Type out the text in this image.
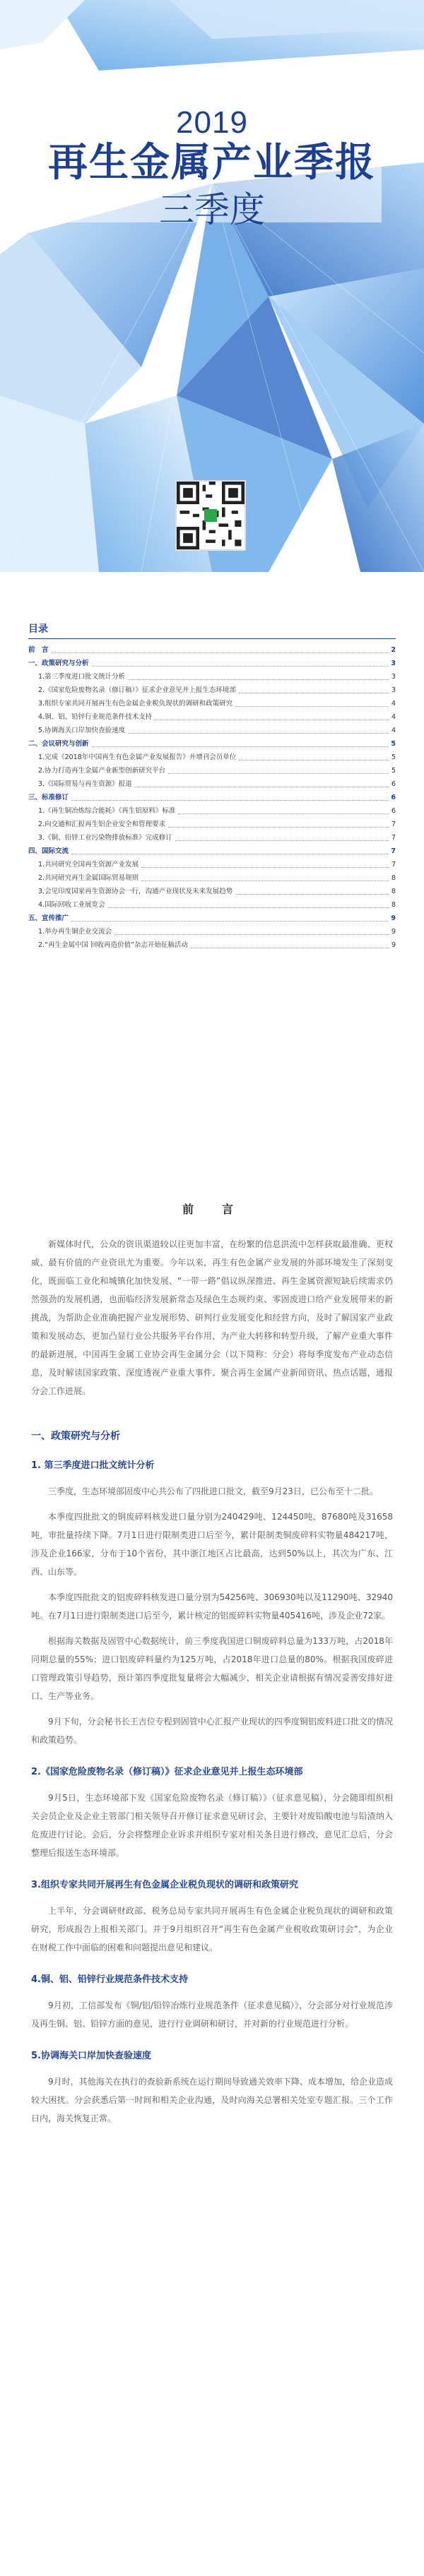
2019
再生金属产业季报
三季度
目录
前　言	2
一、政策研究与分析	3
1.第三季度进口批文统计分析	3
2.《国家危险废物名录（修订稿）》征求企业意见并上报生态环境部	3
3.组织专家共同开展再生有色金属企业税负现状的调研和政策研究	4
4.铜、铝、铅锌行业规范条件技术支持	4
5.协调海关口岸加快查验速度	4
二、会议研究与创新	5
1.完成《2018年中国再生有色金属产业发展报告》并增刊会员单位	5
2.协力打造再生金属产业新型创新研究平台	5
3.《国际贸易与再生资源》报道	6
三、标准修订	6
1.《再生铜冶炼综合能耗》《再生铝原料》标准	6
2.向交通和汇报再生铝企业安全和管理要求	7
3.《铜、铅锌工业污染物排放标准》完成修订	7
四、国际交流	7
1.共同研究全国再生资源产业发展	7
2.共同研究再生金属国际贸易规则	8
3.会见印度国家再生资源协会一行，沟通产业现状及未来发展趋势	8
4.国际回收工业展览会	8
五、宣传推广	9
1.举办再生铜企业交流会	9
2.“再生金属中国 回收再造价值”杂志开始征稿活动	9
前　言

新媒体时代，公众的资讯渠道较以往更加丰富，在纷繁的信息洪流中怎样获取最准确、更权威、最有价值的产业资讯尤为重要。今年以来，再生有色金属产业发展的外部环境发生了深刻变化，既面临工业化和城镇化加快发展、“一带一路”倡议纵深推进、再生金属资源短缺后续需求仍然强劲的发展机遇，也面临经济发展新常态及绿色生态规约束、零固废进口给产业发展带来的新挑战，为帮助企业准确把握产业发展形势、研判行业发展变化和经营方向，及时了解国家产业政策和发展动态，更加凸显行业公共服务平台作用，为产业大转移和转型升级，了解产业重大事件的最新进展，中国再生金属工业协会再生金属分会（以下简称：分会）将每季度发布产业动态信息，及时解读国家政策、深度透视产业重大事件、聚合再生金属产业新闻资讯、热点话题，通报分会工作进展。

一、政策研究与分析
1. 第三季度进口批文统计分析

三季度，生态环境部固废中心共公布了四批进口批文，截至9月23日，已公布至十二批。

本季度四批批文的铜废碎料核发进口量分别为240429吨、124450吨、87680吨及31658吨，审批量持续下降。7月1日进行限制类进口后至今，累计限制类铜废碎料实物量484217吨，涉及企业166家，分布于10个省份，其中浙江地区占比最高，达到50%以上，其次为广东、江西、山东等。

本季度四批批文的铝废碎料核发进口量分别为54256吨、306930吨以及11290吨、32940吨。在7月1日进行限制类进口后至今，累计核定的铝废碎料实物量405416吨，涉及企业72家。

根据海关数据及固管中心数据统计，前三季度我国进口铜废碎料总量为133万吨，占2018年同期总量的55%；进口铝废碎料量约为125万吨，占2018年进口总量的80%。根据我国废碎进口管理政策引导趋势，预计第四季度批复量将会大幅减少，相关企业请根据有情况妥善安排好进口、生产等业务。

9月下旬，分会秘书长王吉位专程到固管中心汇报产业现状的四季度铜铝废料进口批文的情况和政策趋势。

2.《国家危险废物名录（修订稿）》征求企业意见并上报生态环境部

9月5日，生态环境部下发《国家危险废物名录（修订稿）》（征求意见稿），分会随即组织相关会员企业及企业主管部门相关领导召开修订征求意见研讨会，主要针对废铅酸电池与铅渣纳入危废进行讨论。会后，分会将整理企业诉求并组织专家对相关条目进行修改，意见汇总后，分会整理后报送生态环境部。

3.组织专家共同开展再生有色金属企业税负现状的调研和政策研究

上半年，分会调研财政部、税务总局专家共同开展再生有色金属企业税负现状的调研和政策研究，形成报告上报相关部门。并于9月组织召开“再生有色金属产业税收政策研讨会”，为企业在财税工作中面临的困难和问题提出意见和建议。

4.铜、铝、铅锌行业规范条件技术支持

9月初，工信部发布《铜/铝/铅锌冶炼行业规范条件（征求意见稿）》，分会部分对行业规范涉及再生铜、铝、铅锌方面的意见，进行行业调研和研讨，并对新的行业规范进行分析。

5.协调海关口岸加快查验速度

9月时，其他海关在执行的查验新系统在运行期间导致通关效率下降、成本增加，给企业造成较大困扰。分会获悉后第一时间和相关企业沟通，及时向海关总署相关处室专题汇报。三个工作日内，海关恢复正常。
